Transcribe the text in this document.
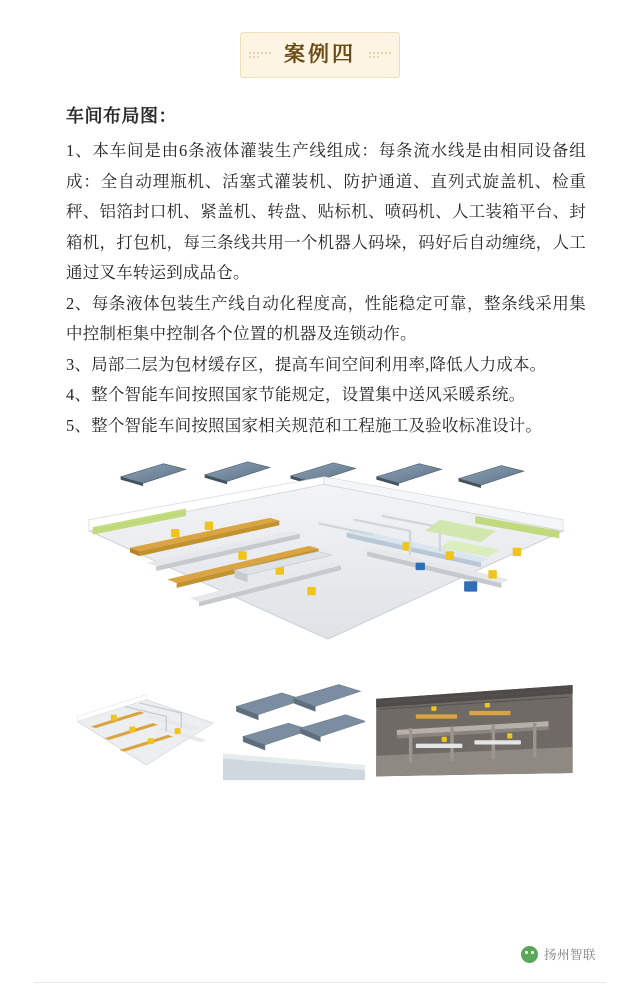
案例四
车间布局图：

1、本车间是由6条液体灌装生产线组成：每条流水线是由相同设备组成：全自动理瓶机、活塞式灌装机、防护通道、直列式旋盖机、检重秤、铝箔封口机、紧盖机、转盘、贴标机、喷码机、人工装箱平台、封箱机，打包机，每三条线共用一个机器人码垛，码好后自动缠绕，人工通过叉车转运到成品仓。

2、每条液体包装生产线自动化程度高，性能稳定可靠，整条线采用集中控制柜集中控制各个位置的机器及连锁动作。

3、局部二层为包材缓存区，提高车间空间利用率,降低人力成本。

4、整个智能车间按照国家节能规定，设置集中送风采暖系统。

5、整个智能车间按照国家相关规范和工程施工及验收标准设计。

扬州智联
